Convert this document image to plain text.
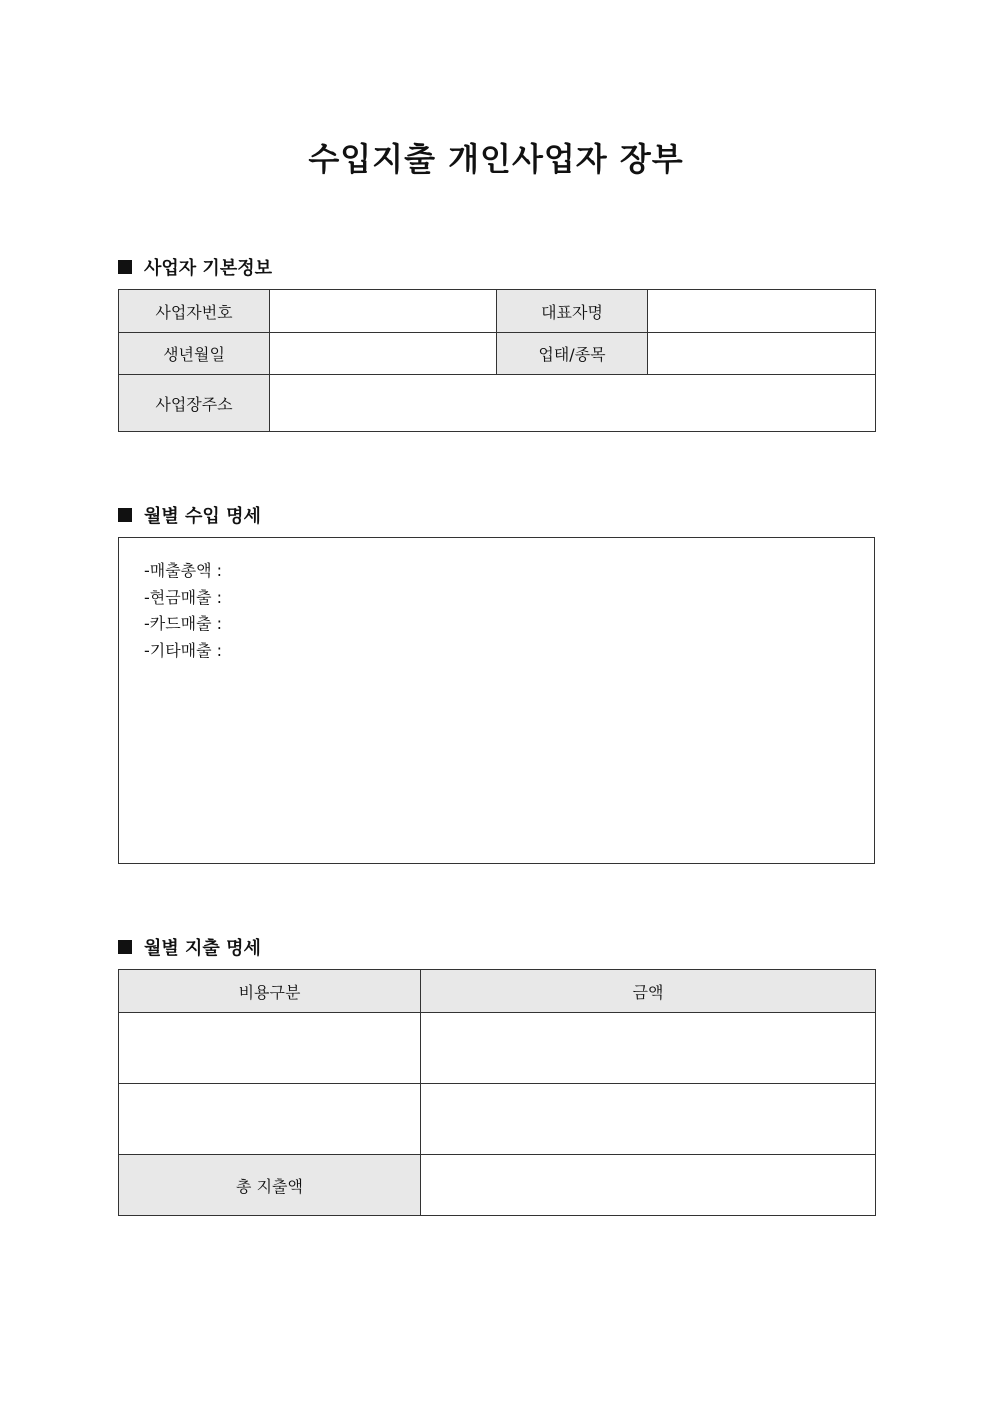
수입지출 개인사업자 장부
사업자 기본정보
사업자번호		대표자명	
생년월일		업태/종목	
사업장주소			
월별 수입 명세
-매출총액 :
-현금매출 :
-카드매출 :
-기타매출 :
월별 지출 명세
비용구분	금액

총 지출액	
